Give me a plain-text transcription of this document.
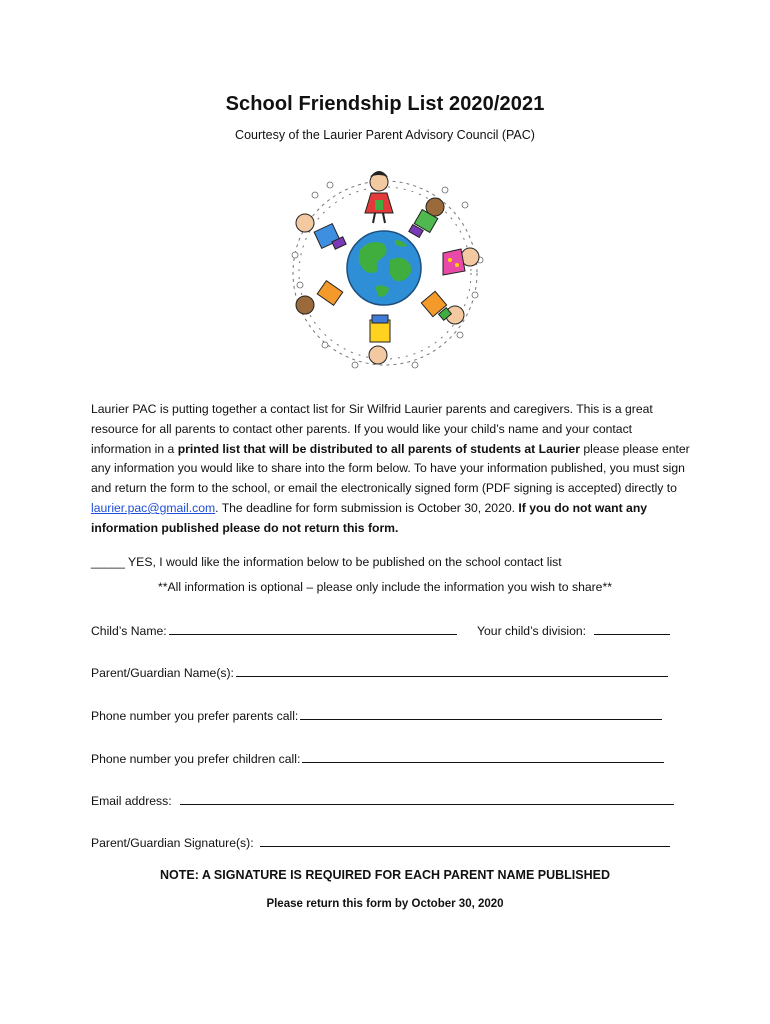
School Friendship List 2020/2021
Courtesy of the Laurier Parent Advisory Council (PAC)
Laurier PAC is putting together a contact list for Sir Wilfrid Laurier parents and caregivers. This is a great resource for all parents to contact other parents. If you would like your child’s name and your contact information in a printed list that will be distributed to all parents of students at Laurier please please enter any information you would like to share into the form below. To have your information published, you must sign and return the form to the school, or email the electronically signed form (PDF signing is accepted) directly to laurier.pac@gmail.com. The deadline for form submission is October 30, 2020. If you do not want any information published please do not return this form.
_____ YES, I would like the information below to be published on the school contact list
**All information is optional – please only include the information you wish to share**
Child’s Name:	Your child’s division:
Parent/Guardian Name(s):
Phone number you prefer parents call:
Phone number you prefer children call:
Email address:
Parent/Guardian Signature(s):
NOTE: A SIGNATURE IS REQUIRED FOR EACH PARENT NAME PUBLISHED
Please return this form by October 30, 2020
